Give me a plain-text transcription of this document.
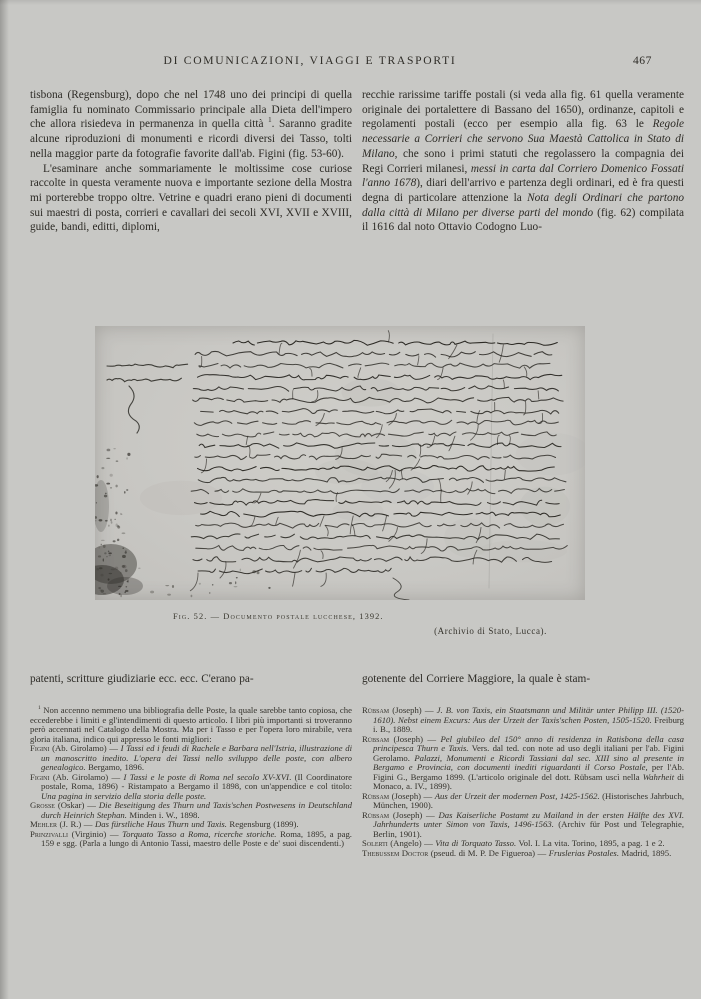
DI COMUNICAZIONI, VIAGGI E TRASPORTI	467

tisbona (Regensburg), dopo che nel 1748 uno dei principi di quella famiglia fu nominato Commissario principale alla Dieta dell'impero che allora risiedeva in permanenza in quella città $^1$. Saranno gradite alcune riproduzioni di monumenti e ricordi diversi dei Tasso, tolti nella maggior parte da fotografie favorite dall'ab. Figini (fig. 53-60).

L'esaminare anche sommariamente le moltissime cose curiose raccolte in questa veramente nuova e importante sezione della Mostra mi porterebbe troppo oltre. Vetrine e quadri erano pieni di documenti sui maestri di posta, corrieri e cavallari dei secoli XVI, XVII e XVIII, guide, bandi, editti, diplomi,

recchie rarissime tariffe postali (si veda alla fig. 61 quella veramente originale dei portalettere di Bassano del 1650), ordinanze, capitoli e regolamenti postali (ecco per esempio alla fig. 63 le Regole necessarie a Corrieri che servono Sua Maestà Cattolica in Stato di Milano, che sono i primi statuti che regolassero la compagnia dei Regi Corrieri milanesi, messi in carta dal Corriero Domenico Fossati l'anno 1678), diari dell'arrivo e partenza degli ordinari, ed è fra questi degna di particolare attenzione la Nota degli Ordinari che partono dalla città di Milano per diverse parti del mondo (fig. 62) compilata il 1616 dal noto Ottavio Codogno Luo-

Fig. 52. — Documento postale lucchese, 1392.
(Archivio di Stato, Lucca).
patenti, scritture giudiziarie ecc. ecc. C'erano pa-	gotenente del Corriere Maggiore, la quale è stam-

$^1$ Non accenno nemmeno una bibliografia delle Poste, la quale sarebbe tanto copiosa, che eccederebbe i limiti e gl'intendimenti di questo articolo. I libri più importanti si troveranno però accennati nel Catalogo della Mostra. Ma per i Tasso e per l'opera loro mirabile, vera gloria italiana, indico qui appresso le fonti migliori:

Figini (Ab. Girolamo) — I Tassi ed i feudi di Rachele e Barbara nell'Istria, illustrazione di un manoscritto inedito. L'opera dei Tassi nello sviluppo delle poste, con albero genealogico. Bergamo, 1896.

Figini (Ab. Girolamo) — I Tassi e le poste di Roma nel secolo XV-XVI. (Il Coordinatore postale, Roma, 1896) - Ristampato a Bergamo il 1898, con un'appendice e col titolo: Una pagina in servizio della storia delle poste.

Grosse (Oskar) — Die Beseitigung des Thurn und Taxis'schen Postwesens in Deutschland durch Heinrich Stephan. Minden i. W., 1898.

Mehler (J. R.) — Das fürstliche Haus Thurn und Taxis. Regensburg (1899).

Prinzivalli (Virginio) — Torquato Tasso a Roma, ricerche storiche. Roma, 1895, a pag. 159 e sgg. (Parla a lungo di Antonio Tassi, maestro delle Poste e de' suoi discendenti.)

Rübsam (Joseph) — J. B. von Taxis, ein Staatsmann und Militär unter Philipp III. (1520-1610). Nebst einem Excurs: Aus der Urzeit der Taxis'schen Posten, 1505-1520. Freiburg i. B., 1889.

Rübsam (Joseph) — Pel giubileo del 150° anno di residenza in Ratisbona della casa principesca Thurn e Taxis. Vers. dal ted. con note ad uso degli italiani per l'ab. Figini Gerolamo. Palazzi, Monumenti e Ricordi Tassiani dal sec. XIII sino al presente in Bergamo e Provincia, con documenti inediti riguardanti il Corso Postale, per l'Ab. Figini G., Bergamo 1899. (L'articolo originale del dott. Rübsam uscì nella Wahrheit di Monaco, a. IV., 1899).

Rübsam (Joseph) — Aus der Urzeit der modernen Post, 1425-1562. (Historisches Jahrbuch, München, 1900).

Rübsam (Joseph) — Das Kaiserliche Postamt zu Mailand in der ersten Hälfte des XVI. Jahrhunderts unter Simon von Taxis, 1496-1563. (Archiv für Post und Telegraphie, Berlin, 1901).

Solerti (Angelo) — Vita di Torquato Tasso. Vol. I. La vita. Torino, 1895, a pag. 1 e 2.

Thebussem Doctor (pseud. di M. P. De Figueroa) — Fruslerias Postales. Madrid, 1895.
